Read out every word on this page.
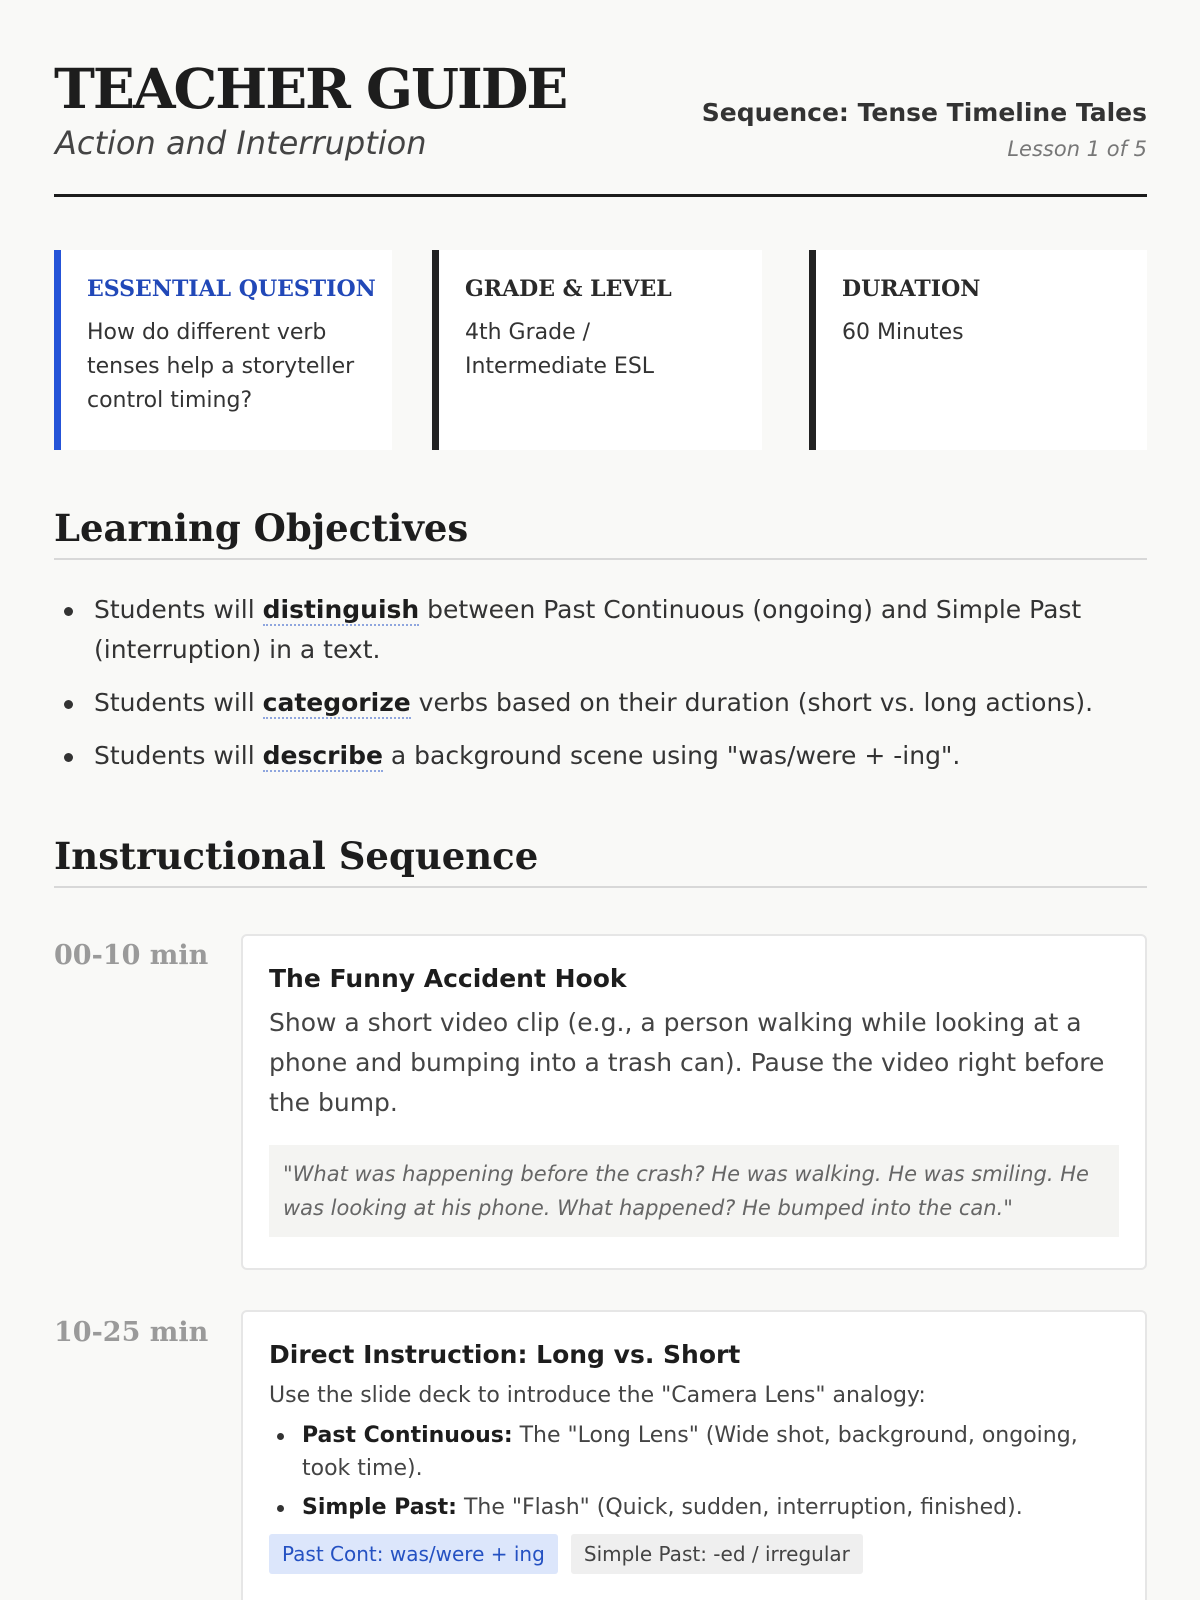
TEACHER GUIDE
Action and Interruption
Sequence: Tense Timeline Tales
Lesson 1 of 5
ESSENTIAL QUESTION
How do different verb tenses help a storyteller control timing?
GRADE & LEVEL
4th Grade / Intermediate ESL
DURATION
60 Minutes
Learning Objectives
Students will distinguish between Past Continuous (ongoing) and Simple Past (interruption) in a text.
Students will categorize verbs based on their duration (short vs. long actions).
Students will describe a background scene using "was/were + -ing".
Instructional Sequence
00-10 min
The Funny Accident Hook
Show a short video clip (e.g., a person walking while looking at a phone and bumping into a trash can). Pause the video right before the bump.
"What was happening before the crash? He was walking. He was smiling. He was looking at his phone. What happened? He bumped into the can."
10-25 min
Direct Instruction: Long vs. Short
Use the slide deck to introduce the "Camera Lens" analogy:
Past Continuous: The "Long Lens" (Wide shot, background, ongoing, took time).
Simple Past: The "Flash" (Quick, sudden, interruption, finished).
Past Cont: was/were + ing Simple Past: -ed / irregular
